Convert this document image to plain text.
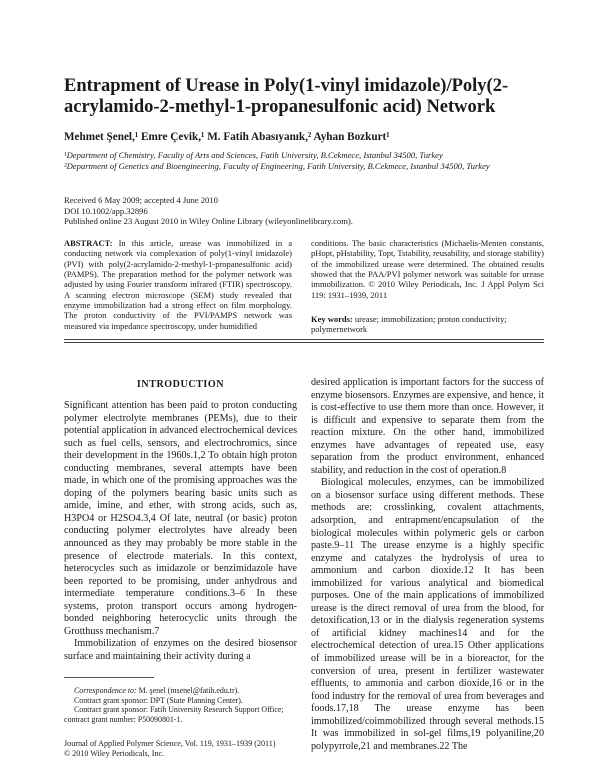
Entrapment of Urease in Poly(1-vinyl imidazole)/Poly(2-acrylamido-2-methyl-1-propanesulfonic acid) Network
Mehmet Şenel,¹ Emre Çevik,¹ M. Fatih Abasıyanık,² Ayhan Bozkurt¹
¹Department of Chemistry, Faculty of Arts and Sciences, Fatih University, B.Cekmece, Istanbul 34500, Turkey
²Department of Genetics and Bioengineering, Faculty of Engineering, Fatih University, B.Cekmece, Istanbul 34500, Turkey
Received 6 May 2009; accepted 4 June 2010
DOI 10.1002/app.32896
Published online 23 August 2010 in Wiley Online Library (wileyonlinelibrary.com).
ABSTRACT: In this article, urease was immobilized in a conducting network via complexation of poly(1-vinyl imidazole) (PVI) with poly(2-acrylamido-2-methyl-1-propanesulfonic acid) (PAMPS). The preparation method for the polymer network was adjusted by using Fourier transform infrared (FTIR) spectroscopy. A scanning electron microscope (SEM) study revealed that enzyme immobilization had a strong effect on film morphology. The proton conductivity of the PVI/PAMPS network was measured via impedance spectroscopy, under humidified
conditions. The basic characteristics (Michaelis-Menten constants, pHopt, pHstability, Topt, Tstability, reusability, and storage stability) of the immobilized urease were determined. The obtained results showed that the PAA/PVI polymer network was suitable for urease immobilization. © 2010 Wiley Periodicals, Inc. J Appl Polym Sci 119: 1931–1939, 2011
Key words: urease; immobilization; proton conductivity; polymernetwork
INTRODUCTION

Significant attention has been paid to proton conducting polymer electrolyte membranes (PEMs), due to their potential application in advanced electrochemical devices such as fuel cells, sensors, and electrochromics, since their development in the 1960s.1,2 To obtain high proton conducting membranes, several attempts have been made, in which one of the promising approaches was the doping of the polymers bearing basic units such as amide, imine, and ether, with strong acids, such as, H3PO4 or H2SO4.3,4 Of late, neutral (or basic) proton conducting polymer electrolytes have already been announced as they may probably be more stable in the presence of electrode materials. In this context, heterocycles such as imidazole or benzimidazole have been reported to be promising, under anhydrous and intermediate temperature conditions.3–6 In these systems, proton transport occurs among hydrogen-bonded neighboring heterocyclic units through the Grotthuss mechanism.7

Immobilization of enzymes on the desired biosensor surface and maintaining their activity during a

desired application is important factors for the success of enzyme biosensors. Enzymes are expensive, and hence, it is cost-effective to use them more than once. However, it is difficult and expensive to separate them from the reaction mixture. On the other hand, immobilized enzymes have advantages of repeated use, easy separation from the product environment, enhanced stability, and reduction in the cost of operation.8

Biological molecules, enzymes, can be immobilized on a biosensor surface using different methods. These methods are: crosslinking, covalent attachments, adsorption, and entrapment/encapsulation of the biological molecules within polymeric gels or carbon paste.9–11 The urease enzyme is a highly specific enzyme and catalyzes the hydrolysis of urea to ammonium and carbon dioxide.12 It has been immobilized for various analytical and biomedical purposes. One of the main applications of immobilized urease is the direct removal of urea from the blood, for detoxification,13 or in the dialysis regeneration systems of artificial kidney machines14 and for the electrochemical detection of urea.15 Other applications of immobilized urease will be in a bioreactor, for the conversion of urea, present in fertilizer wastewater effluents, to ammonia and carbon dioxide,16 or in the food industry for the removal of urea from beverages and foods.17,18 The urease enzyme has been immobilized/coimmobilized through several methods.15 It was immobilized in sol-gel films,19 polyaniline,20 polypyrrole,21 and membranes.22 The

Correspondence to: M. şenel (msenel@fatih.edu.tr).
Contract grant sponsor: DPT (State Planning Center).
Contract grant sponsor: Fatih University Research Support Office; contract grant number: P50090801-1.
Journal of Applied Polymer Science, Vol. 119, 1931–1939 (2011)
© 2010 Wiley Periodicals, Inc.
